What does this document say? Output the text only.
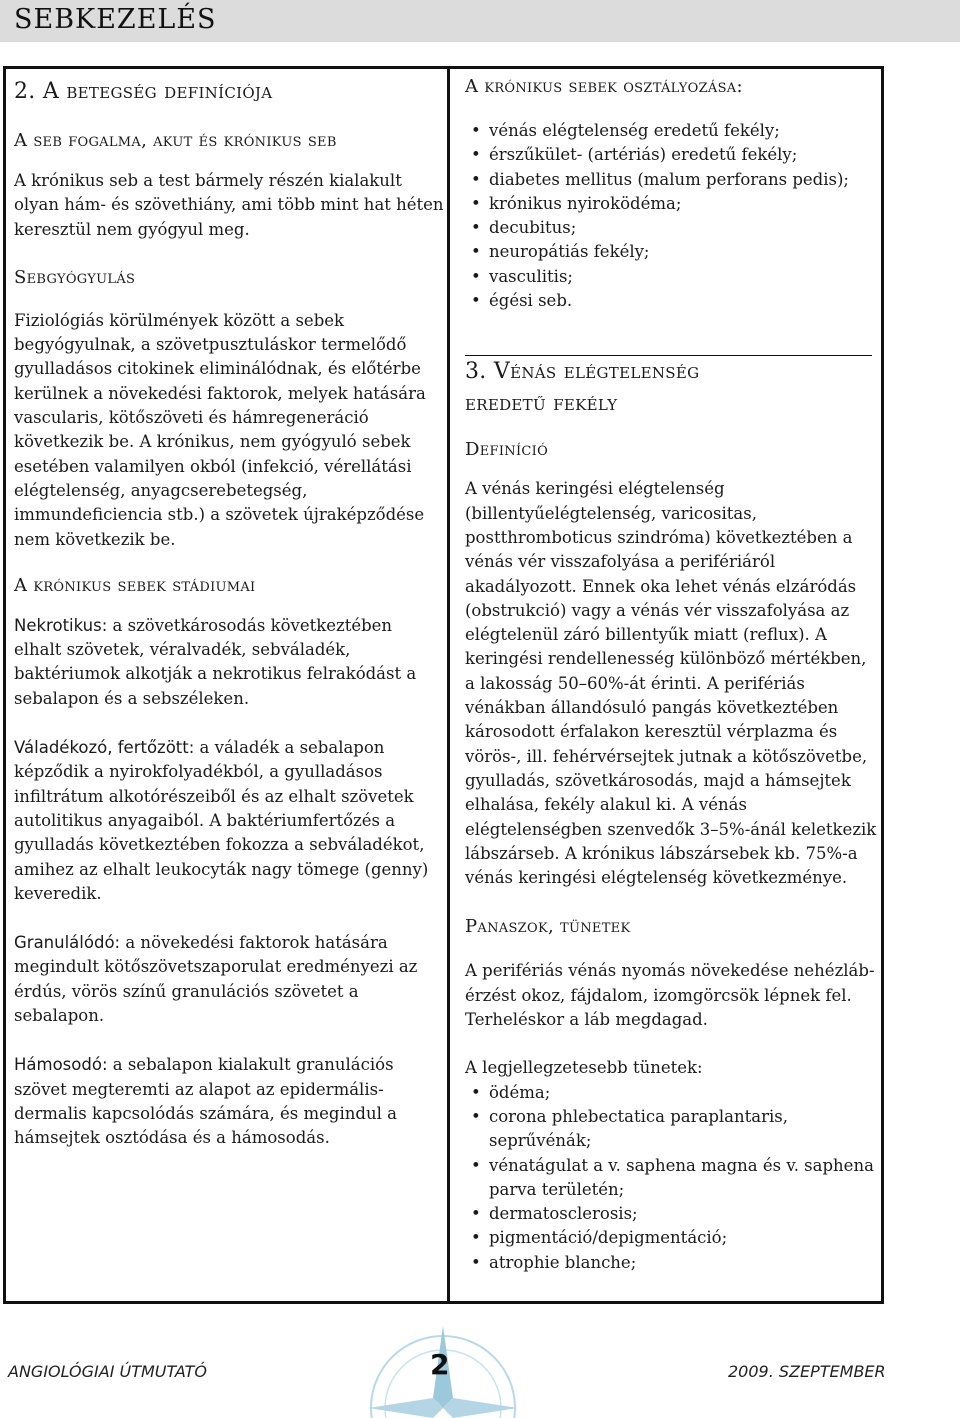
SEBKEZELÉS
2. A betegség definíciója
A seb fogalma, akut és krónikus seb

A krónikus seb a test bármely részén kialakult olyan hám- és szövethiány, ami több mint hat héten keresztül nem gyógyul meg.

Sebgyógyulás

Fiziológiás körülmények között a sebek begyógyulnak, a szövetpusztuláskor termelődő gyulladásos citokinek eliminálódnak, és előtérbe kerülnek a növekedési faktorok, melyek hatására vascularis, kötőszöveti és hámregeneráció következik be. A krónikus, nem gyógyuló sebek esetében valamilyen okból (infekció, vérellátási elégtelenség, anyagcserebetegség, immundeficiencia stb.) a szövetek újraképződése nem következik be.

A krónikus sebek stádiumai

Nekrotikus: a szövetkárosodás következtében elhalt szövetek, véralvadék, sebváladék, baktériumok alkotják a nekrotikus felrakódást a sebalapon és a sebszéleken.

Váladékozó, fertőzött: a váladék a sebalapon képződik a nyirokfolyadékból, a gyulladásos infiltrátum alkotórészeiből és az elhalt szövetek autolitikus anyagaiból. A baktériumfertőzés a gyulladás következtében fokozza a sebváladékot, amihez az elhalt leukocyták nagy tömege (genny) keveredik.

Granulálódó: a növekedési faktorok hatására megindult kötőszövetszaporulat eredményezi az érdús, vörös színű granulációs szövetet a sebalapon.

Hámosodó: a sebalapon kialakult granulációs szövet megteremti az alapot az epidermális-dermalis kapcsolódás számára, és megindul a hámsejtek osztódása és a hámosodás.

A krónikus sebek osztályozása:
• vénás elégtelenség eredetű fekély;
• érszűkület- (artériás) eredetű fekély;
• diabetes mellitus (malum perforans pedis);
• krónikus nyiroködéma;
• decubitus;
• neuropátiás fekély;
• vasculitis;
• égési seb.
3. Vénás elégtelenség
eredetű fekély
Definíció

A vénás keringési elégtelenség (billentyűelégtelenség, varicositas, postthromboticus szindróma) következtében a vénás vér visszafolyása a perifériáról akadályozott. Ennek oka lehet vénás elzáródás (obstrukció) vagy a vénás vér visszafolyása az elégtelenül záró billentyűk miatt (reflux). A keringési rendellenesség különböző mértékben, a lakosság 50–60%-át érinti. A perifériás vénákban állandósuló pangás következtében károsodott érfalakon keresztül vérplazma és vörös-, ill. fehérvérsejtek jutnak a kötőszövetbe, gyulladás, szövetkárosodás, majd a hámsejtek elhalása, fekély alakul ki. A vénás elégtelenségben szenvedők 3–5%-ánál keletkezik lábszárseb. A krónikus lábszársebek kb. 75%-a vénás keringési elégtelenség következménye.

Panaszok, tünetek

A perifériás vénás nyomás növekedése nehézláb-érzést okoz, fájdalom, izomgörcsök lépnek fel. Terheléskor a láb megdagad.

A legjellegzetesebb tünetek:

• ödéma;
• corona phlebectatica paraplantaris, seprűvénák;
• vénatágulat a v. saphena magna és v. saphena parva területén;
• dermatosclerosis;
• pigmentáció/depigmentáció;
• atrophie blanche;
ANGIOLÓGIAI ÚTMUTATÓ	2	2009. SZEPTEMBER
